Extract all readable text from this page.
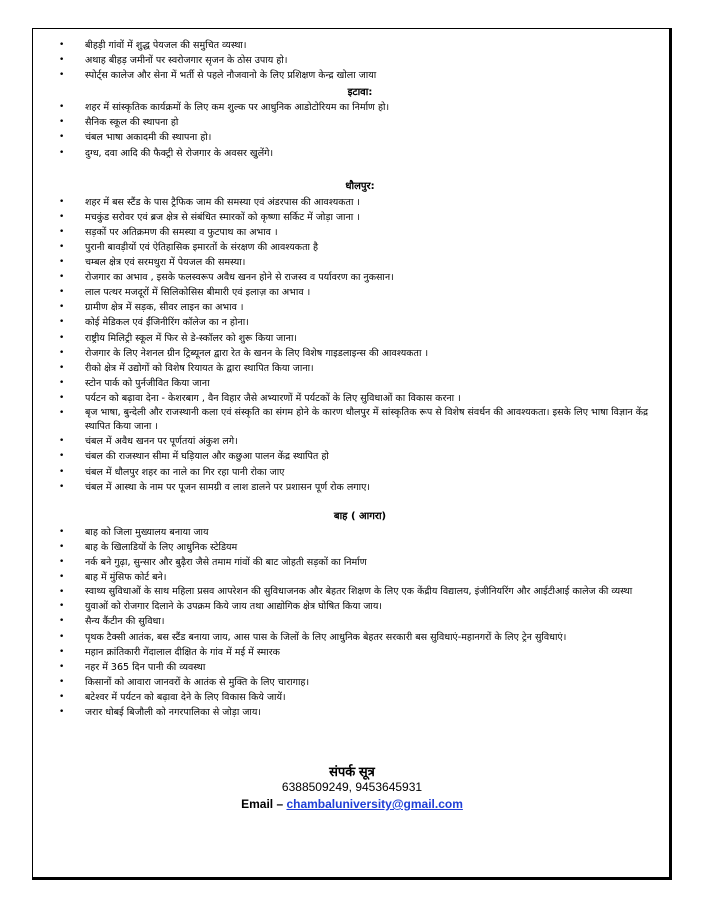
• बीहड़ी गांवों में शुद्ध पेयजल की समुचित व्यस्था।
• अथाह बीहड़ जमीनों पर स्वरोजगार सृजन के ठोस उपाय हो।
• स्पोर्ट्स कालेज और सेना में भर्ती से पहले नौजवानो के लिए प्रशिक्षण केन्द्र खोला जाया
इटावा:
• शहर में सांस्कृतिक कार्यक्रमों के लिए कम शुल्क पर आधुनिक आडोटोरियम का निर्माण हो।
• सैनिक स्कूल की स्थापना हो
• चंबल भाषा अकादमी की स्थापना हो।
• दुग्ध, दवा आदि की फैक्ट्री से रोजगार के अवसर खुलेंगे।
धौलपुर:
• शहर में बस स्टैंड के पास ट्रैफिक जाम की समस्या एवं अंडरपास की आवश्यकता ।
• मचकुंड सरोवर एवं ब्रज क्षेत्र से संबंधित स्मारकों को कृष्णा सर्किट में जोड़ा जाना ।
• सड़कों पर अतिक्रमण की समस्या व फुटपाथ का अभाव ।
• पुरानी बावड़ीयों एवं ऐतिहासिक इमारतों के संरक्षण की आवश्यकता है
• चम्बल क्षेत्र एवं सरमथुरा में पेयजल की समस्या।
• रोजगार का अभाव , इसके फलस्वरूप अवैध खनन होने से राजस्व व पर्यावरण का नुकसान।
• लाल पत्थर मजदूरों में सिलिकोसिस बीमारी एवं इलाज़ का अभाव ।
• ग्रामीण क्षेत्र में सड़क, सीवर लाइन का अभाव ।
• कोई मेडिकल एवं ईंजिनीरिंग कॉलेज का न होना।
• राष्ट्रीय मिलिट्री स्कूल में फिर से डे-स्कॉलर को शुरू किया जाना।
• रोजगार के लिए नेशनल ग्रीन ट्रिब्यूनल द्वारा रेत के खनन के लिए विशेष गाइडलाइन्स की आवश्यकता ।
• रीको क्षेत्र में उद्योगों को विशेष रियायत के द्वारा स्थापित किया जाना।
• स्टोन पार्क को पुर्नजीवित किया जाना
• पर्यटन को बढ़ावा देना - केशरबाग , वैन विहार जैसे अभ्यारणों में पर्यटकों के लिए सुविधाओं का विकास करना ।
• बृज भाषा, बुन्देली और राजस्थानी कला एवं संस्कृति का संगम होने के कारण धौलपुर में सांस्कृतिक रूप से विशेष संवर्धन की आवश्यकता। इसके लिए भाषा विज्ञान केंद्र स्थापित किया जाना ।
• चंबल में अवैध खनन पर पूर्णतयां अंकुश लगे।
• चंबल की राजस्थान सीमा में घड़ियाल और कछुआ पालन केंद्र स्थापित हो
• चंबल में धौलपुर शहर का नाले का गिर रहा पानी रोका जाए
• चंबल में आस्था के नाम पर पूजन सामग्री व लाश डालने पर प्रशासन पूर्ण रोक लगाए।
बाह ( आगरा)
• बाह को जिला मुख्यालय बनाया जाय
• बाह के खिलाडियों के लिए आधुनिक स्टेडियम
• नर्क बने गुढ़ा, सुन्सार और बुढ़ैरा जैसे तमाम गांवों की बाट जोहती सड़कों का निर्माण
• बाह में मुंसिफ कोर्ट बने।
• स्वाथ्य सुविधाओं के साथ महिला प्रसव आपरेशन की सुविधाजनक और बेहतर शिक्षण के लिए एक केंद्रीय विद्यालय, इंजीनियरिंग और आईटीआई कालेज की व्यस्था
• युवाओं को रोजगार दिलाने के उपक्रम किये जाय तथा आद्योगिक क्षेत्र घोषित किया जाय।
• सैन्य कैंटीन की सुविधा।
• पृथक टैक्सी आतंक, बस स्टैंड बनाया जाय, आस पास के जिलों के लिए आधुनिक बेहतर सरकारी बस सुविधाएं-महानगरों के लिए ट्रेन सुविधाएं।
• महान क्रांतिकारी गेंदालाल दीक्षित के गांव में मई में स्मारक
• नहर में 365 दिन पानी की व्यवस्था
• किसानों को आवारा जानवरों के आतंक से मुक्ति के लिए चारागाह।
• बटेश्वर में पर्यटन को बढ़ावा देने के लिए विकास किये जायें।
• जरार धोबई बिजौली को नगरपालिका से जोड़ा जाय।
संपर्क सूत्र
6388509249, 9453645931
Email – chambaluniversity@gmail.com
